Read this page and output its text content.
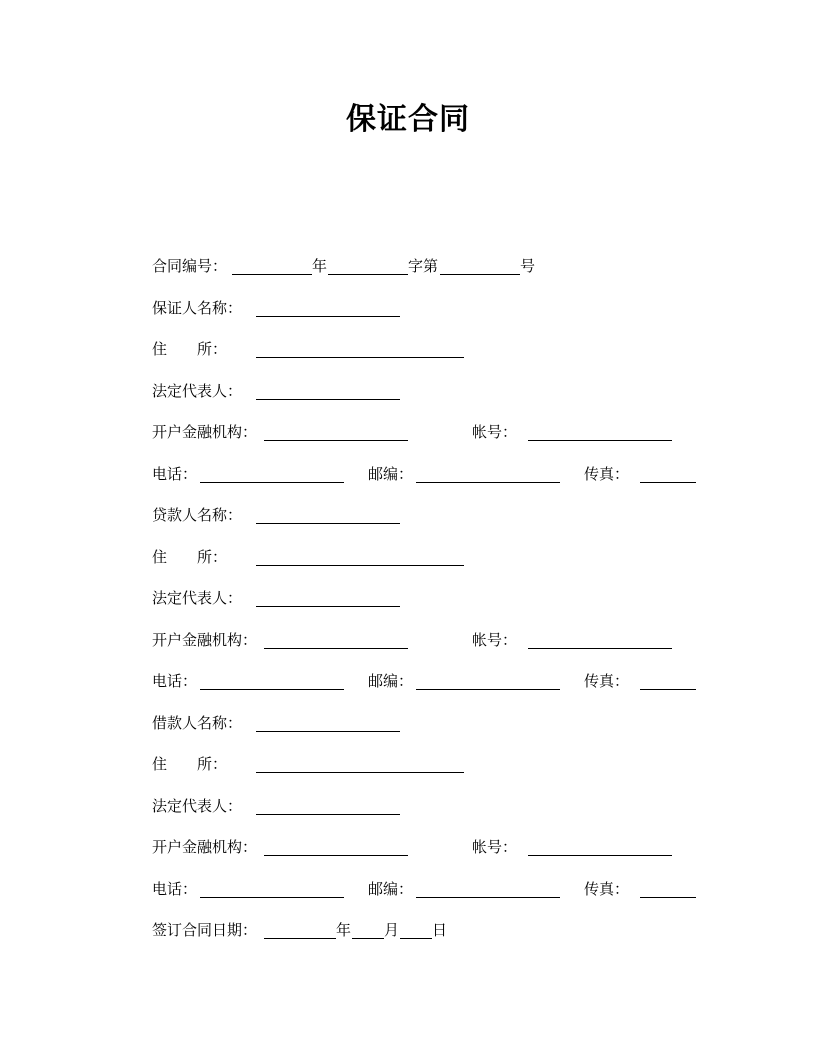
保证合同
合同编号：	年	字第	号
保证人名称：
住　　所：
法定代表人：
开户金融机构：	帐号：
电话：	邮编：	传真：
贷款人名称：
住　　所：
法定代表人：
开户金融机构：	帐号：
电话：	邮编：	传真：
借款人名称：
住　　所：
法定代表人：
开户金融机构：	帐号：
电话：	邮编：	传真：
签订合同日期：	年 月 日
